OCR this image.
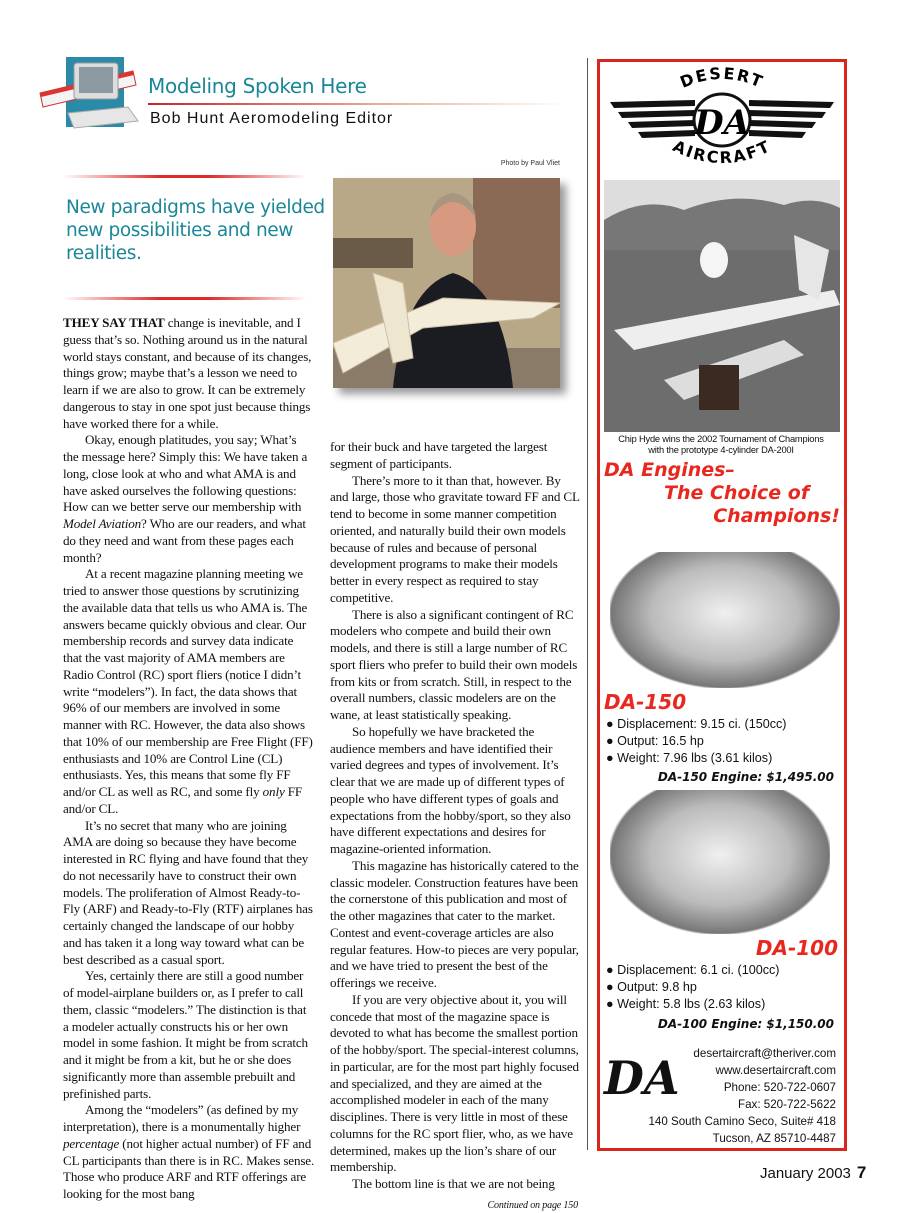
Modeling Spoken Here
Bob Hunt Aeromodeling Editor
Photo by Paul Vliet
New paradigms have yielded new possibilities and new realities.

THEY SAY THAT change is inevitable, and I guess that’s so. Nothing around us in the natural world stays constant, and because of its changes, things grow; maybe that’s a lesson we need to learn if we are also to grow. It can be extremely dangerous to stay in one spot just because things have worked there for a while.

Okay, enough platitudes, you say; What’s the message here? Simply this: We have taken a long, close look at who and what AMA is and have asked ourselves the following questions: How can we better serve our membership with Model Aviation? Who are our readers, and what do they need and want from these pages each month?

At a recent magazine planning meeting we tried to answer those questions by scrutinizing the available data that tells us who AMA is. The answers became quickly obvious and clear. Our membership records and survey data indicate that the vast majority of AMA members are Radio Control (RC) sport fliers (notice I didn’t write “modelers”). In fact, the data shows that 96% of our members are involved in some manner with RC. However, the data also shows that 10% of our membership are Free Flight (FF) enthusiasts and 10% are Control Line (CL) enthusiasts. Yes, this means that some fly FF and/or CL as well as RC, and some fly only FF and/or CL.

It’s no secret that many who are joining AMA are doing so because they have become interested in RC flying and have found that they do not necessarily have to construct their own models. The proliferation of Almost Ready-to-Fly (ARF) and Ready-to-Fly (RTF) airplanes has certainly changed the landscape of our hobby and has taken it a long way toward what can be best described as a casual sport.

Yes, certainly there are still a good number of model-airplane builders or, as I prefer to call them, classic “modelers.” The distinction is that a modeler actually constructs his or her own model in some fashion. It might be from scratch and it might be from a kit, but he or she does significantly more than assemble prebuilt and prefinished parts.

Among the “modelers” (as defined by my interpretation), there is a monumentally higher percentage (not higher actual number) of FF and CL participants than there is in RC. Makes sense. Those who produce ARF and RTF offerings are looking for the most bang

for their buck and have targeted the largest segment of participants.

There’s more to it than that, however. By and large, those who gravitate toward FF and CL tend to become in some manner competition oriented, and naturally build their own models because of rules and because of personal development programs to make their models better in every respect as required to stay competitive.

There is also a significant contingent of RC modelers who compete and build their own models, and there is still a large number of RC sport fliers who prefer to build their own models from kits or from scratch. Still, in respect to the overall numbers, classic modelers are on the wane, at least statistically speaking.

So hopefully we have bracketed the audience members and have identified their varied degrees and types of involvement. It’s clear that we are made up of different types of people who have different types of goals and expectations from the hobby/sport, so they also have different expectations and desires for magazine-oriented information.

This magazine has historically catered to the classic modeler. Construction features have been the cornerstone of this publication and most of the other magazines that cater to the market. Contest and event-coverage articles are also regular features. How-to pieces are very popular, and we have tried to present the best of the offerings we receive.

If you are very objective about it, you will concede that most of the magazine space is devoted to what has become the smallest portion of the hobby/sport. The special-interest columns, in particular, are for the most part highly focused and specialized, and they are aimed at the accomplished modeler in each of the many disciplines. There is very little in most of these columns for the RC sport flier, who, as we have determined, makes up the lion’s share of our membership.

The bottom line is that we are not being

Continued on page 150
DA
DESERT
AIRCRAFT
Chip Hyde wins the 2002 Tournament of Champions
with the prototype 4-cylinder DA-200I
DA Engines–
The Choice of
Champions!
DA-150
● Displacement: 9.15 ci. (150cc)
● Output: 16.5 hp
● Weight: 7.96 lbs (3.61 kilos)
DA-150 Engine: $1,495.00
DA-100
● Displacement: 6.1 ci. (100cc)
● Output: 9.8 hp
● Weight: 5.8 lbs (2.63 kilos)
DA-100 Engine: $1,150.00
DA	desertaircraft@theriver.com
www.desertaircraft.com
Phone: 520-722-0607
Fax: 520-722-5622
140 South Camino Seco, Suite# 418
Tucson, AZ 85710-4487
January 2003 7
